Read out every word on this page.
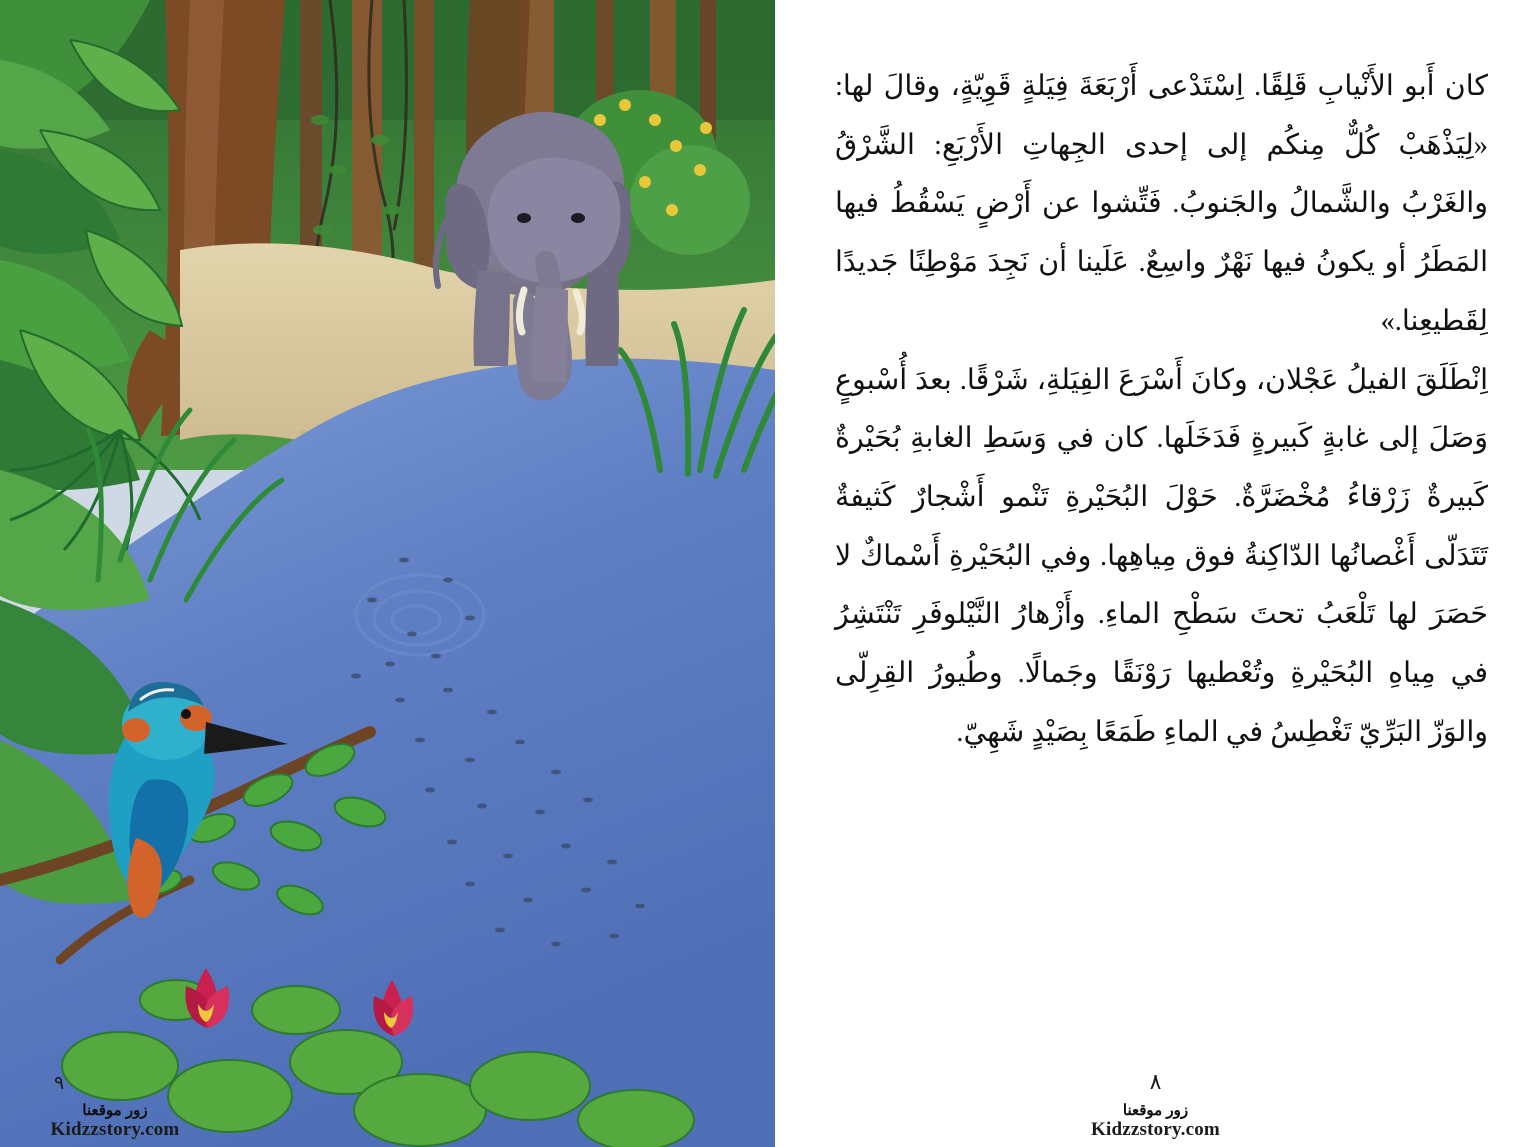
٩
زور موقعنا
Kidzzstory.com

كان أَبو الأَنْيابِ قَلِقًا. اِسْتَدْعى أَرْبَعَةَ فِيَلةٍ قَوِيّةٍ، وقالَ لها: «لِيَذْهَبْ كُلٌّ مِنكُم إلى إحدى الجِهاتِ الأَرْبَعِ: الشَّرْقُ والغَرْبُ والشَّمالُ والجَنوبُ. فَتِّشوا عن أَرْضٍ يَسْقُطُ فيها المَطَرُ أو يكونُ فيها نَهْرٌ واسِعٌ. عَلَينا أن نَجِدَ مَوْطِنًا جَديدًا لِقَطيعِنا.»

اِنْطَلَقَ الفيلُ عَجْلان، وكانَ أَسْرَعَ الفِيَلةِ، شَرْقًا. بعدَ أُسْبوعٍ وَصَلَ إلى غابةٍ كَبيرةٍ فَدَخَلَها. كان في وَسَطِ الغابةِ بُحَيْرةٌ كَبيرةٌ زَرْقاءُ مُخْضَرَّةٌ. حَوْلَ البُحَيْرةِ تَنْمو أَشْجارٌ كَثيفةٌ تَتَدَلّى أَغْصانُها الدّاكِنةُ فوق مِياهِها. وفي البُحَيْرةِ أَسْماكٌ لا حَصَرَ لها تَلْعَبُ تحتَ سَطْحِ الماءِ. وأَزْهارُ النَّيْلوفَرِ تَنْتَشِرُ في مِياهِ البُحَيْرةِ وتُعْطيها رَوْنَقًا وجَمالًا. وطُيورُ القِرِلّى والوَزّ البَرِّيّ تَغْطِسُ في الماءِ طَمَعًا بِصَيْدٍ شَهِيّ.

٨
زور موقعنا
Kidzzstory.com
